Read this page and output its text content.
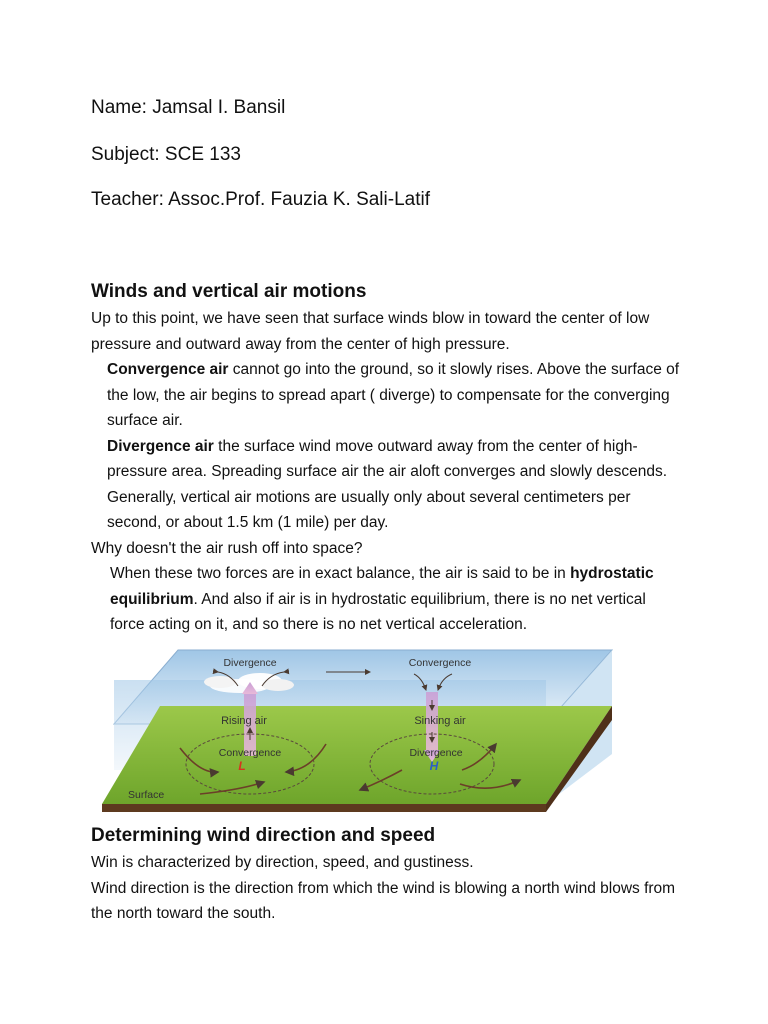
Name: Jamsal I. Bansil
Subject: SCE 133
Teacher: Assoc.Prof. Fauzia K. Sali-Latif
Winds and vertical air motions

Up to this point, we have seen that surface winds blow in toward the center of low pressure and outward away from the center of high pressure.

Convergence air cannot go into the ground, so it slowly rises. Above the surface of the low, the air begins to spread apart ( diverge) to compensate for the converging surface air.

Divergence air the surface wind move outward away from the center of high-pressure area. Spreading surface air the air aloft converges and slowly descends. Generally, vertical air motions are usually only about several centimeters per second, or about 1.5 km (1 mile) per day.

Why doesn't the air rush off into space?

When these two forces are in exact balance, the air is said to be in hydrostatic equilibrium. And also if air is in hydrostatic equilibrium, there is no net vertical force acting on it, and so there is no net vertical acceleration.

Divergence	Convergence
Rising air	Sinking air
Convergence	Divergence
L	H
Surface
Determining wind direction and speed

Win is characterized by direction, speed, and gustiness.

Wind direction is the direction from which the wind is blowing a north wind blows from the north toward the south.
